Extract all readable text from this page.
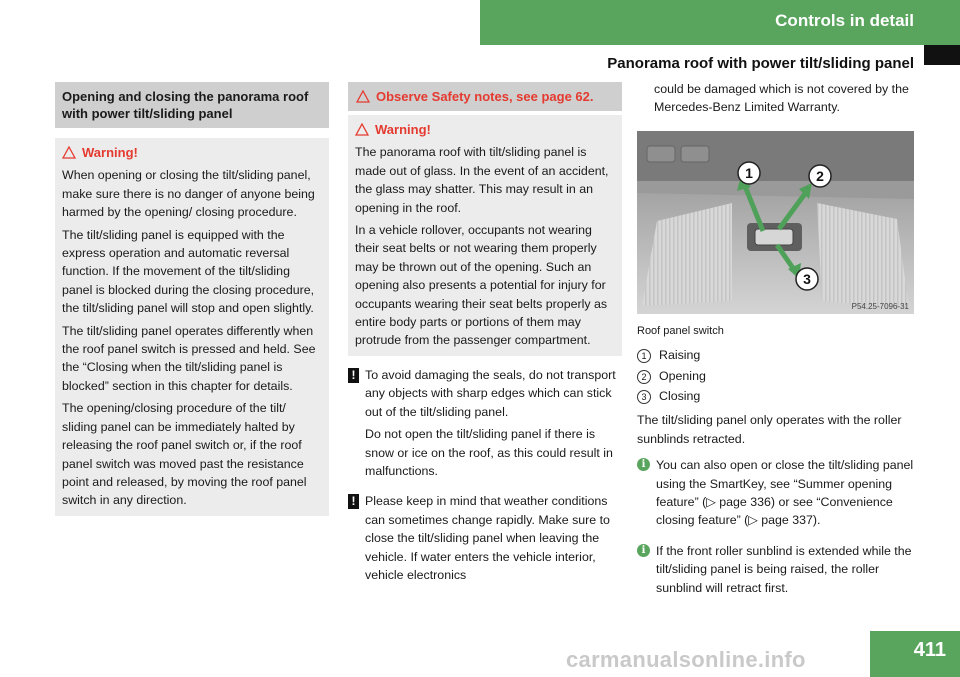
Controls in detail
Panorama roof with power tilt/sliding panel
Opening and closing the panorama roof with power tilt/sliding panel
Warning!

When opening or closing the tilt/sliding panel, make sure there is no danger of anyone being harmed by the opening/ closing procedure.

The tilt/sliding panel is equipped with the express operation and automatic reversal function. If the movement of the tilt/sliding panel is blocked during the closing procedure, the tilt/sliding panel will stop and open slightly.

The tilt/sliding panel operates differently when the roof panel switch is pressed and held. See the “Closing when the tilt/sliding panel is blocked” section in this chapter for details.

The opening/closing procedure of the tilt/ sliding panel can be immediately halted by releasing the roof panel switch or, if the roof panel switch was moved past the resistance point and released, by moving the roof panel switch in any direction.

Observe Safety notes, see page 62.
Warning!

The panorama roof with tilt/sliding panel is made out of glass. In the event of an accident, the glass may shatter. This may result in an opening in the roof.

In a vehicle rollover, occupants not wearing their seat belts or not wearing them properly may be thrown out of the opening. Such an opening also presents a potential for injury for occupants wearing their seat belts properly as entire body parts or portions of them may protrude from the passenger compartment.

! To avoid damaging the seals, do not transport any objects with sharp edges which can stick out of the tilt/sliding panel.

Do not open the tilt/sliding panel if there is snow or ice on the roof, as this could result in malfunctions.

! Please keep in mind that weather conditions can sometimes change rapidly. Make sure to close the tilt/sliding panel when leaving the vehicle. If water enters the vehicle interior, vehicle electronics

could be damaged which is not covered by the Mercedes-Benz Limited Warranty.

1	2
3
P54.25-7096-31
Roof panel switch
1	Raising
2	Opening
3	Closing

The tilt/sliding panel only operates with the roller sunblinds retracted.

i You can also open or close the tilt/sliding panel using the SmartKey, see “Summer opening feature” (▷ page 336) or see “Convenience closing feature” (▷ page 337).

i If the front roller sunblind is extended while the tilt/sliding panel is being raised, the roller sunblind will retract first.

carmanualsonline.info	411
